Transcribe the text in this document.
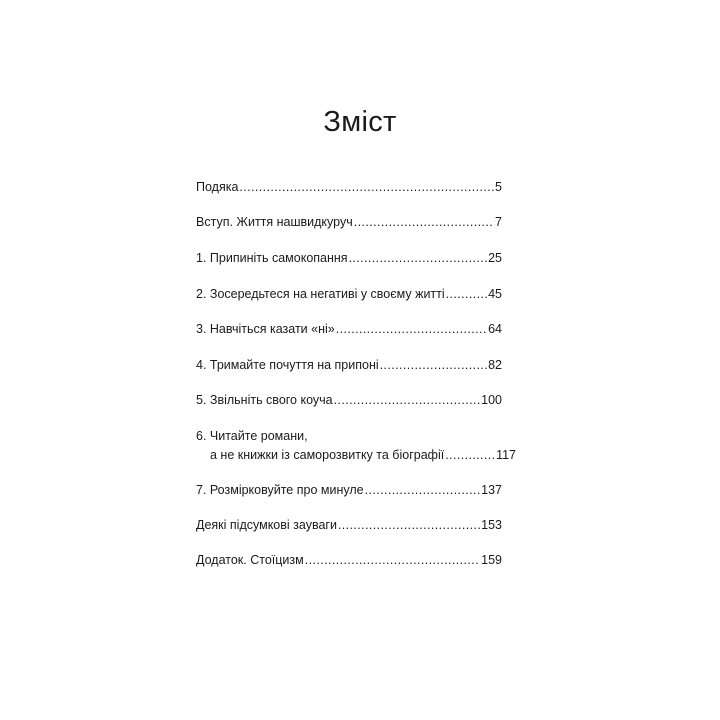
Зміст
Подяка .....	5
Вступ. Життя нашвидкуруч .....	7
1. Припиніть самокопання .....	25
2. Зосередьтеся на негативі у своєму житті .....	45
3. Навчіться казати «ні» .....	64
4. Тримайте почуття на припоні .....	82
5. Звільніть свого коуча .....	100
6. Читайте романи,
а не книжки із саморозвитку та біографії .....	117
7. Розмірковуйте про минуле .....	137
Деякі підсумкові зауваги .....	153
Додаток. Стоїцизм .....	159
